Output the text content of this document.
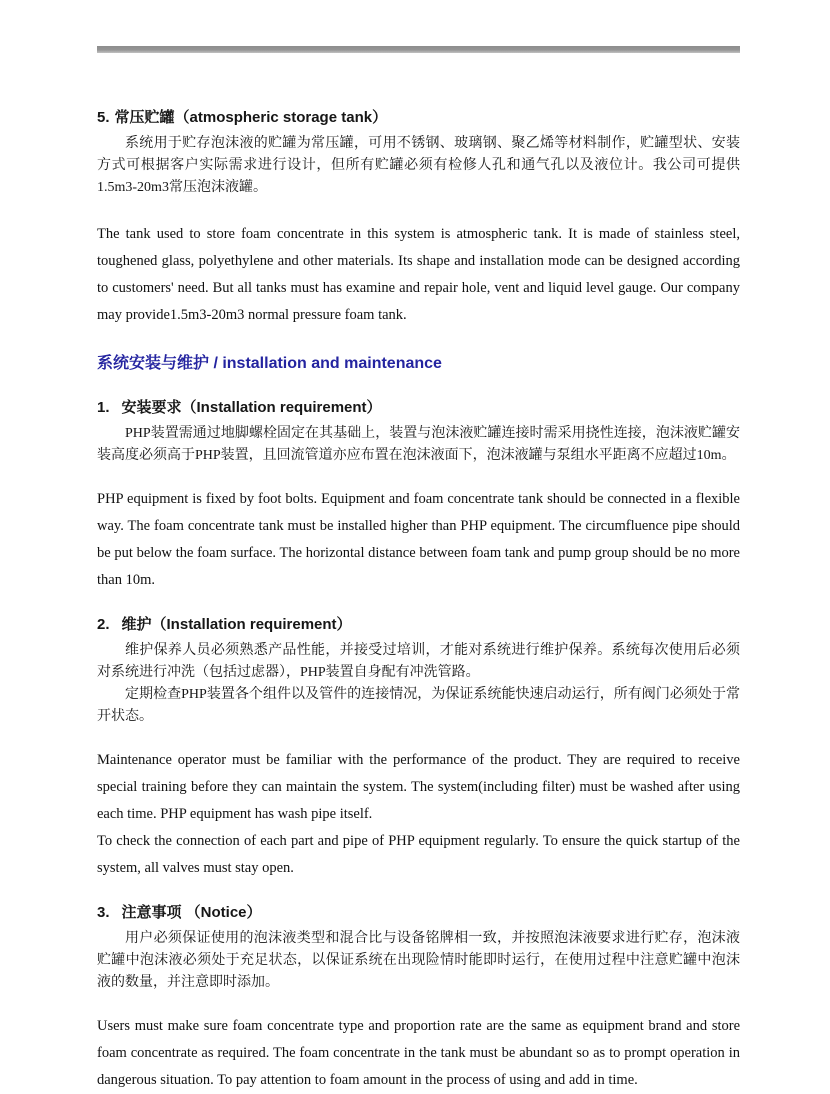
5. 常压贮罐（atmospheric storage tank）

系统用于贮存泡沫液的贮罐为常压罐，可用不锈钢、玻璃钢、聚乙烯等材料制作，贮罐型状、安装方式可根据客户实际需求进行设计，但所有贮罐必须有检修人孔和通气孔以及液位计。我公司可提供1.5m3-20m3常压泡沫液罐。

The tank used to store foam concentrate in this system is atmospheric tank. It is made of stainless steel, toughened glass, polyethylene and other materials. Its shape and installation mode can be designed according to customers' need. But all tanks must has examine and repair hole, vent and liquid level gauge. Our company may provide1.5m3-20m3 normal pressure foam tank.

系统安装与维护 / installation and maintenance
1. 安装要求（Installation requirement）

PHP装置需通过地脚螺栓固定在其基础上，装置与泡沫液贮罐连接时需采用挠性连接，泡沫液贮罐安装高度必须高于PHP装置，且回流管道亦应布置在泡沫液面下，泡沫液罐与泵组水平距离不应超过10m。

PHP equipment is fixed by foot bolts. Equipment and foam concentrate tank should be connected in a flexible way. The foam concentrate tank must be installed higher than PHP equipment. The circumfluence pipe should be put below the foam surface. The horizontal distance between foam tank and pump group should be no more than 10m.

2. 维护（Installation requirement）

维护保养人员必须熟悉产品性能，并接受过培训，才能对系统进行维护保养。系统每次使用后必须对系统进行冲洗（包括过虑器），PHP装置自身配有冲洗管路。

定期检查PHP装置各个组件以及管件的连接情况，为保证系统能快速启动运行，所有阀门必须处于常开状态。

Maintenance operator must be familiar with the performance of the product. They are required to receive special training before they can maintain the system. The system(including filter) must be washed after using each time. PHP equipment has wash pipe itself.

To check the connection of each part and pipe of PHP equipment regularly. To ensure the quick startup of the system, all valves must stay open.

3. 注意事项 （Notice）

用户必须保证使用的泡沫液类型和混合比与设备铭牌相一致，并按照泡沫液要求进行贮存，泡沫液贮罐中泡沫液必须处于充足状态，以保证系统在出现险情时能即时运行，在使用过程中注意贮罐中泡沫液的数量，并注意即时添加。

Users must make sure foam concentrate type and proportion rate are the same as equipment brand and store foam concentrate as required. The foam concentrate in the tank must be abundant so as to prompt operation in dangerous situation. To pay attention to foam amount in the process of using and add in time.
